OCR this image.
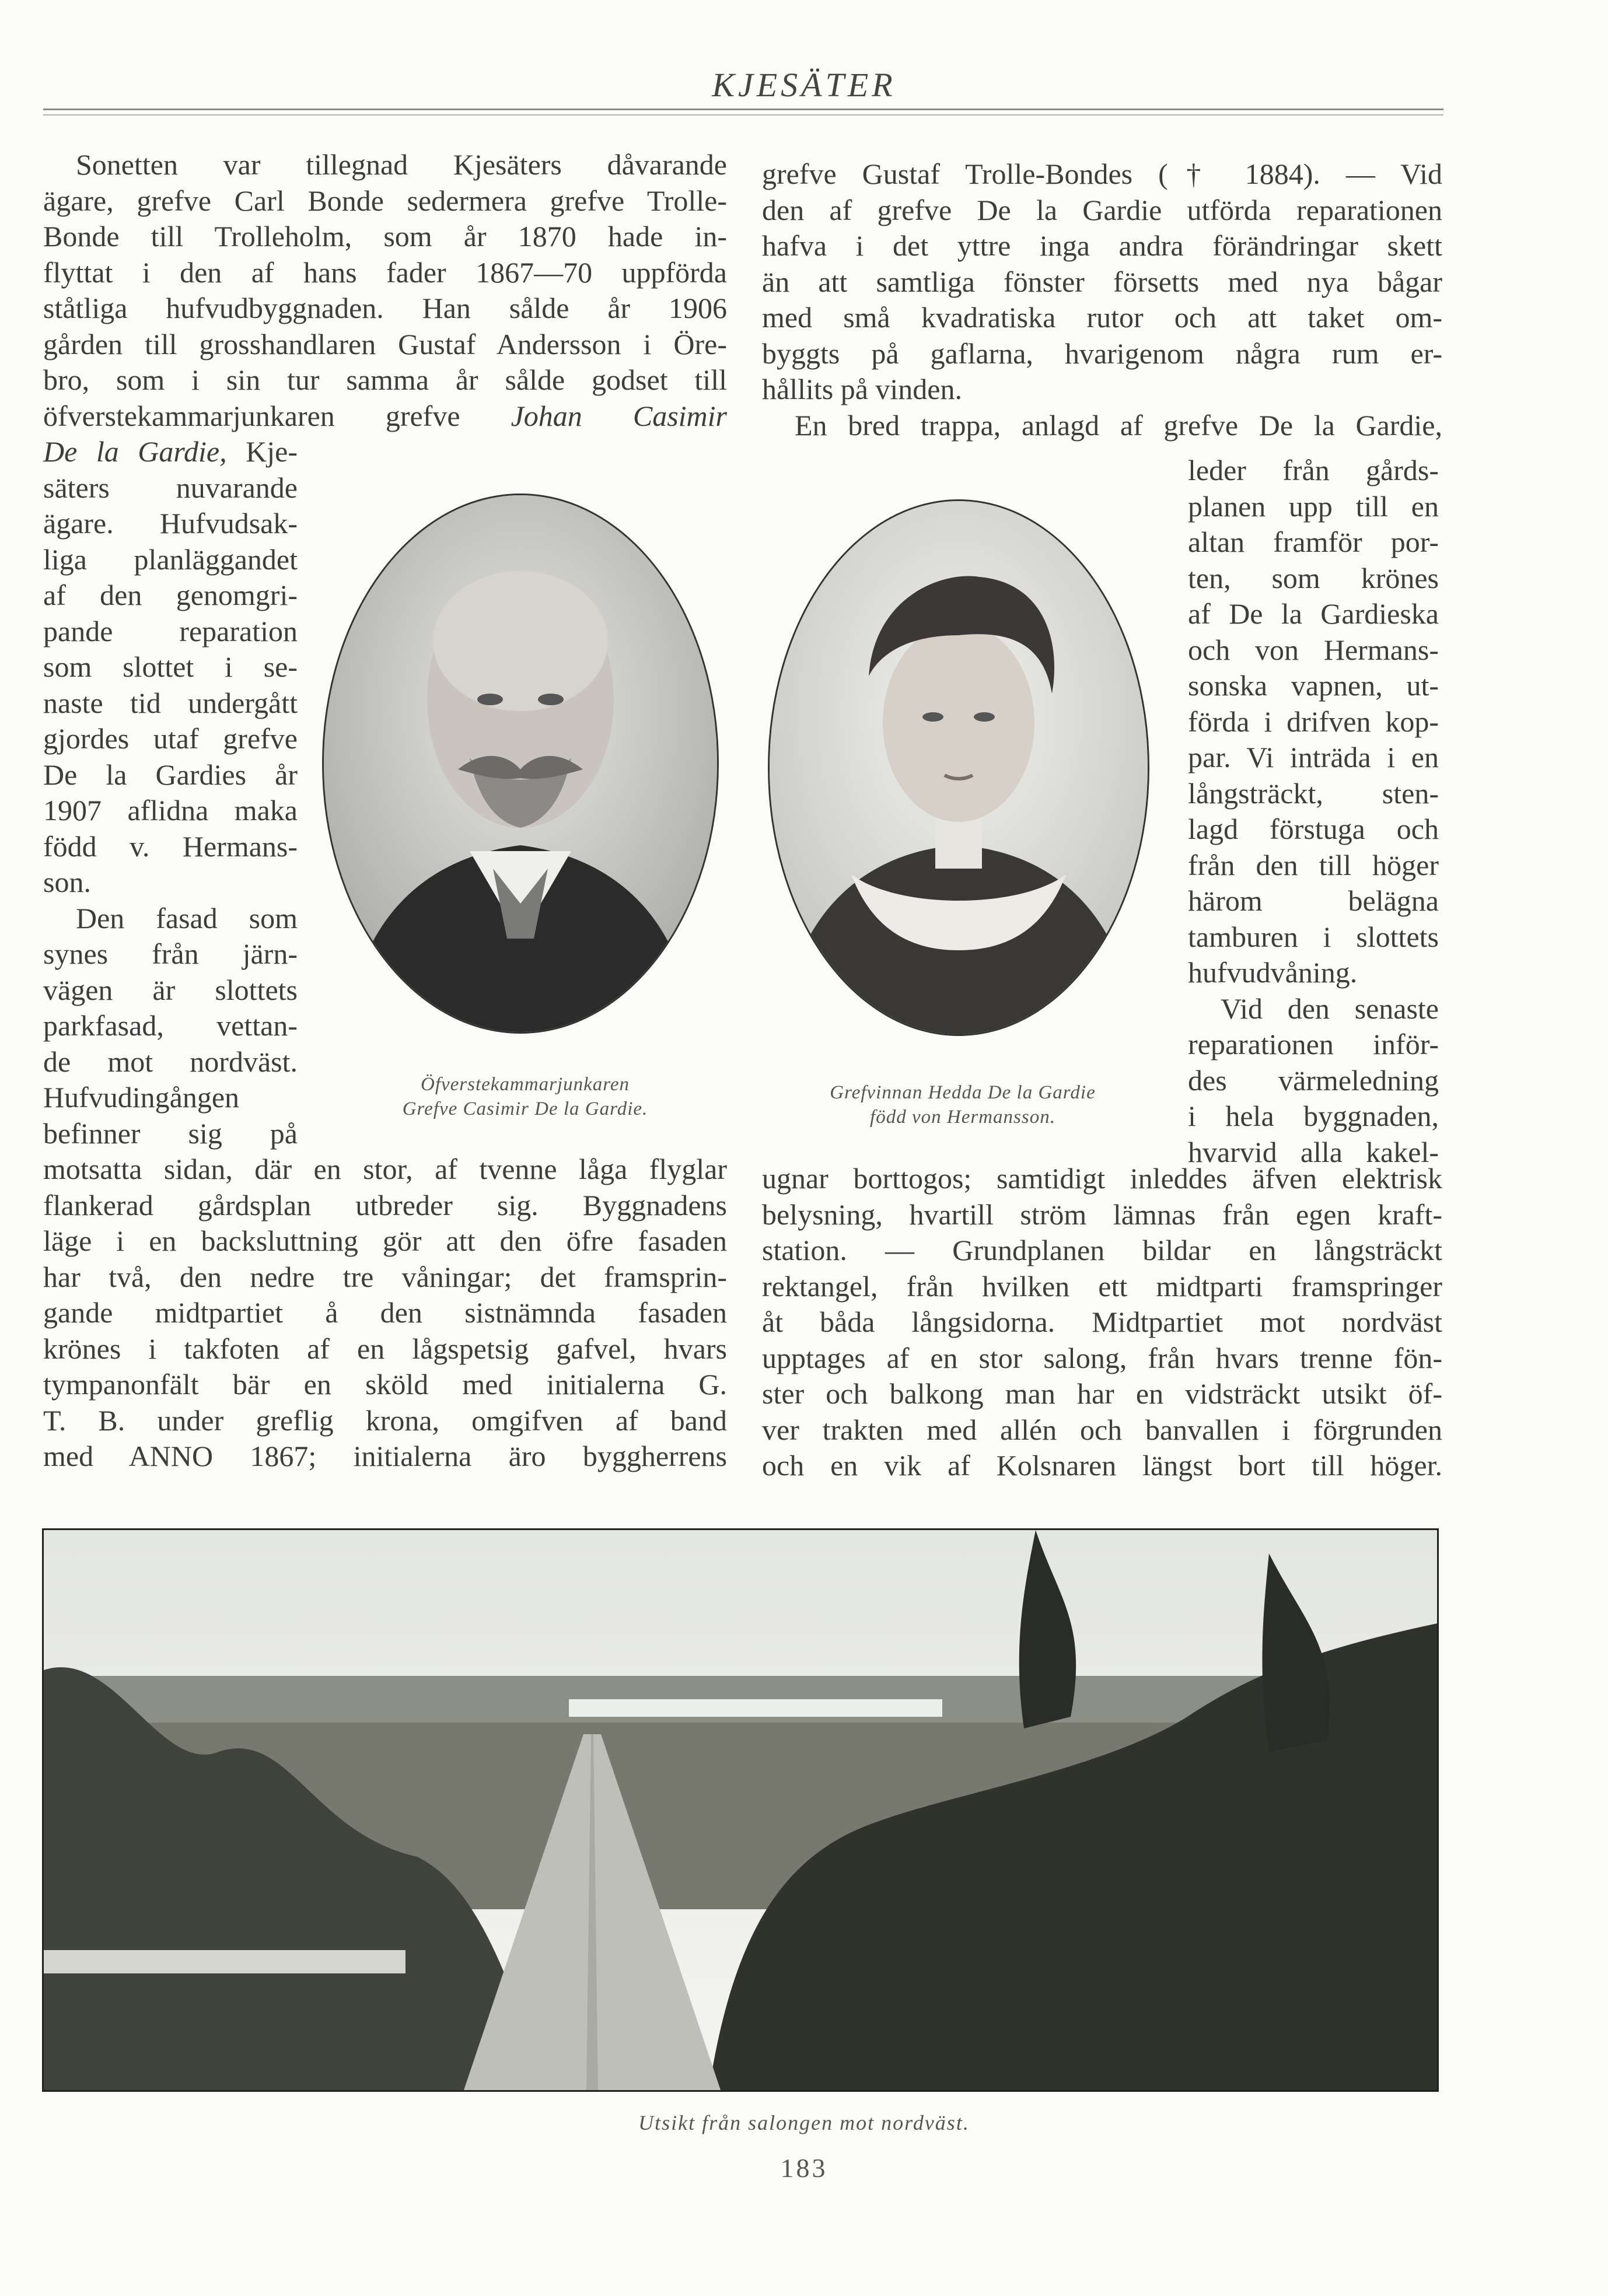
KJESÄTER
Sonetten var tillegnad Kjesäters dåvarande
ägare, grefve Carl Bonde sedermera grefve Trolle-
Bonde till Trolleholm, som år 1870 hade in-
flyttat i den af hans fader 1867—70 uppförda
ståtliga hufvudbyggnaden. Han sålde år 1906
gården till grosshandlaren Gustaf Andersson i Öre-
bro, som i sin tur samma år sålde godset till
öfverstekammarjunkaren grefve Johan Casimir
De la Gardie, Kje-
säters nuvarande
ägare. Hufvudsak-
liga planläggandet
af den genomgri-
pande reparation
som slottet i se-
naste tid undergått
gjordes utaf grefve
De la Gardies år
1907 aflidna maka
född v. Hermans-
son.
Den fasad som
synes från järn-
vägen är slottets
parkfasad, vettan-
de mot nordväst.
Hufvudingången
befinner sig på
motsatta sidan, där en stor, af tvenne låga flyglar
flankerad gårdsplan utbreder sig. Byggnadens
läge i en backsluttning gör att den öfre fasaden
har två, den nedre tre våningar; det framsprin-
gande midtpartiet å den sistnämnda fasaden
krönes i takfoten af en lågspetsig gafvel, hvars
tympanonfält bär en sköld med initialerna G.
T. B. under greflig krona, omgifven af band
med ANNO 1867; initialerna äro byggherrens
grefve Gustaf Trolle-Bondes († 1884). — Vid
den af grefve De la Gardie utförda reparationen
hafva i det yttre inga andra förändringar skett
än att samtliga fönster försetts med nya bågar
med små kvadratiska rutor och att taket om-
byggts på gaflarna, hvarigenom några rum er-
hållits på vinden.
En bred trappa, anlagd af grefve De la Gardie,
leder från gårds-
planen upp till en
altan framför por-
ten, som krönes
af De la Gardieska
och von Hermans-
sonska vapnen, ut-
förda i drifven kop-
par. Vi inträda i en
långsträckt, sten-
lagd förstuga och
från den till höger
härom belägna
tamburen i slottets
hufvudvåning.
Vid den senaste
reparationen inför-
des värmeledning
i hela byggnaden,
hvarvid alla kakel-
ugnar borttogos; samtidigt inleddes äfven elektrisk
belysning, hvartill ström lämnas från egen kraft-
station. — Grundplanen bildar en långsträckt
rektangel, från hvilken ett midtparti framspringer
åt båda långsidorna. Midtpartiet mot nordväst
upptages af en stor salong, från hvars trenne fön-
ster och balkong man har en vidsträckt utsikt öf-
ver trakten med allén och banvallen i förgrunden
och en vik af Kolsnaren längst bort till höger.
Öfverstekammarjunkaren
Grefve Casimir De la Gardie.
Grefvinnan Hedda De la Gardie
född von Hermansson.
Utsikt från salongen mot nordväst.
183
